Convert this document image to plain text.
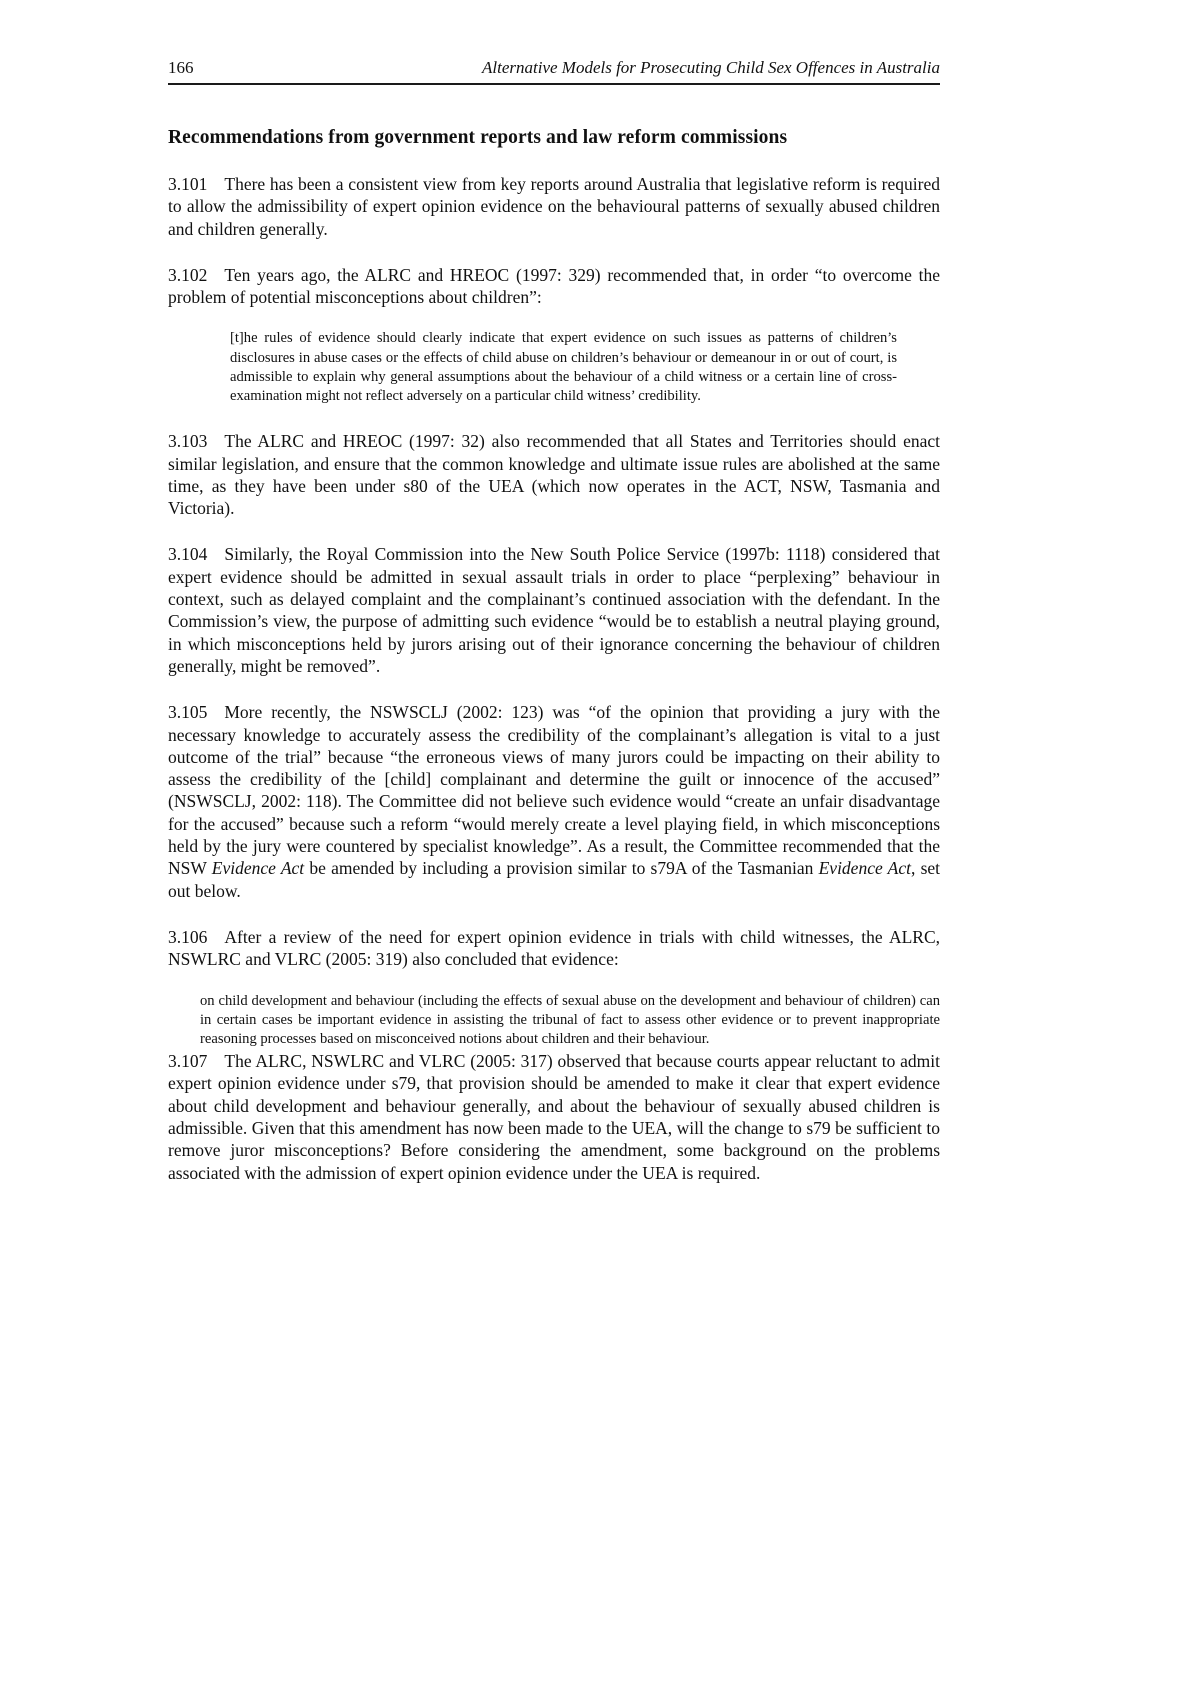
166	Alternative Models for Prosecuting Child Sex Offences in Australia
Recommendations from government reports and law reform commissions

3.101 There has been a consistent view from key reports around Australia that legislative reform is required to allow the admissibility of expert opinion evidence on the behavioural patterns of sexually abused children and children generally.

3.102 Ten years ago, the ALRC and HREOC (1997: 329) recommended that, in order “to overcome the problem of potential misconceptions about children”:

[t]he rules of evidence should clearly indicate that expert evidence on such issues as patterns of children’s disclosures in abuse cases or the effects of child abuse on children’s behaviour or demeanour in or out of court, is admissible to explain why general assumptions about the behaviour of a child witness or a certain line of cross-examination might not reflect adversely on a particular child witness’ credibility.

3.103 The ALRC and HREOC (1997: 32) also recommended that all States and Territories should enact similar legislation, and ensure that the common knowledge and ultimate issue rules are abolished at the same time, as they have been under s80 of the UEA (which now operates in the ACT, NSW, Tasmania and Victoria).

3.104 Similarly, the Royal Commission into the New South Police Service (1997b: 1118) considered that expert evidence should be admitted in sexual assault trials in order to place “perplexing” behaviour in context, such as delayed complaint and the complainant’s continued association with the defendant. In the Commission’s view, the purpose of admitting such evidence “would be to establish a neutral playing ground, in which misconceptions held by jurors arising out of their ignorance concerning the behaviour of children generally, might be removed”.

3.105 More recently, the NSWSCLJ (2002: 123) was “of the opinion that providing a jury with the necessary knowledge to accurately assess the credibility of the complainant’s allegation is vital to a just outcome of the trial” because “the erroneous views of many jurors could be impacting on their ability to assess the credibility of the [child] complainant and determine the guilt or innocence of the accused” (NSWSCLJ, 2002: 118). The Committee did not believe such evidence would “create an unfair disadvantage for the accused” because such a reform “would merely create a level playing field, in which misconceptions held by the jury were countered by specialist knowledge”. As a result, the Committee recommended that the NSW Evidence Act be amended by including a provision similar to s79A of the Tasmanian Evidence Act, set out below.

3.106 After a review of the need for expert opinion evidence in trials with child witnesses, the ALRC, NSWLRC and VLRC (2005: 319) also concluded that evidence:

on child development and behaviour (including the effects of sexual abuse on the development and behaviour of children) can in certain cases be important evidence in assisting the tribunal of fact to assess other evidence or to prevent inappropriate reasoning processes based on misconceived notions about children and their behaviour.

3.107 The ALRC, NSWLRC and VLRC (2005: 317) observed that because courts appear reluctant to admit expert opinion evidence under s79, that provision should be amended to make it clear that expert evidence about child development and behaviour generally, and about the behaviour of sexually abused children is admissible. Given that this amendment has now been made to the UEA, will the change to s79 be sufficient to remove juror misconceptions? Before considering the amendment, some background on the problems associated with the admission of expert opinion evidence under the UEA is required.
